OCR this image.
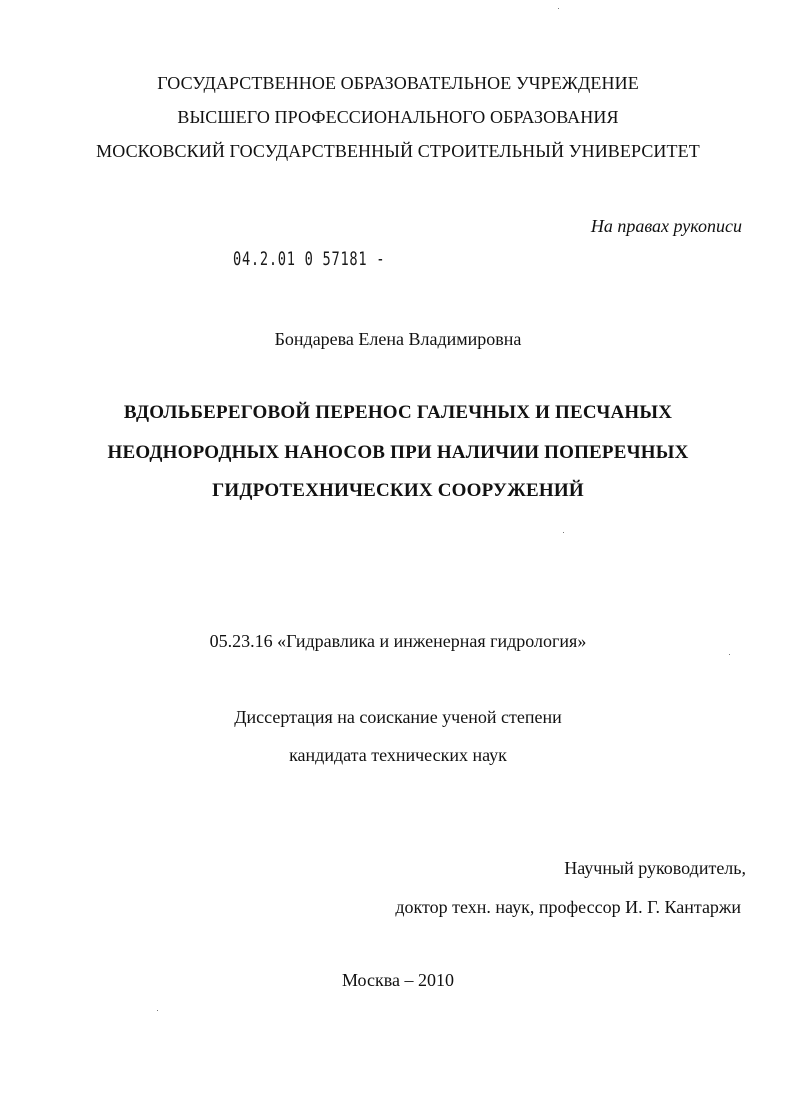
ГОСУДАРСТВЕННОЕ ОБРАЗОВАТЕЛЬНОЕ УЧРЕЖДЕНИЕ
ВЫСШЕГО ПРОФЕССИОНАЛЬНОГО ОБРАЗОВАНИЯ
МОСКОВСКИЙ ГОСУДАРСТВЕННЫЙ СТРОИТЕЛЬНЫЙ УНИВЕРСИТЕТ
На правах рукописи
04.2.01 0 57181 -
Бондарева Елена Владимировна
ВДОЛЬБЕРЕГОВОЙ ПЕРЕНОС ГАЛЕЧНЫХ И ПЕСЧАНЫХ
НЕОДНОРОДНЫХ НАНОСОВ ПРИ НАЛИЧИИ ПОПЕРЕЧНЫХ
ГИДРОТЕХНИЧЕСКИХ СООРУЖЕНИЙ
05.23.16 «Гидравлика и инженерная гидрология»
Диссертация на соискание ученой степени
кандидата технических наук
Научный руководитель,
доктор техн. наук, профессор И. Г. Кантаржи
Москва – 2010
